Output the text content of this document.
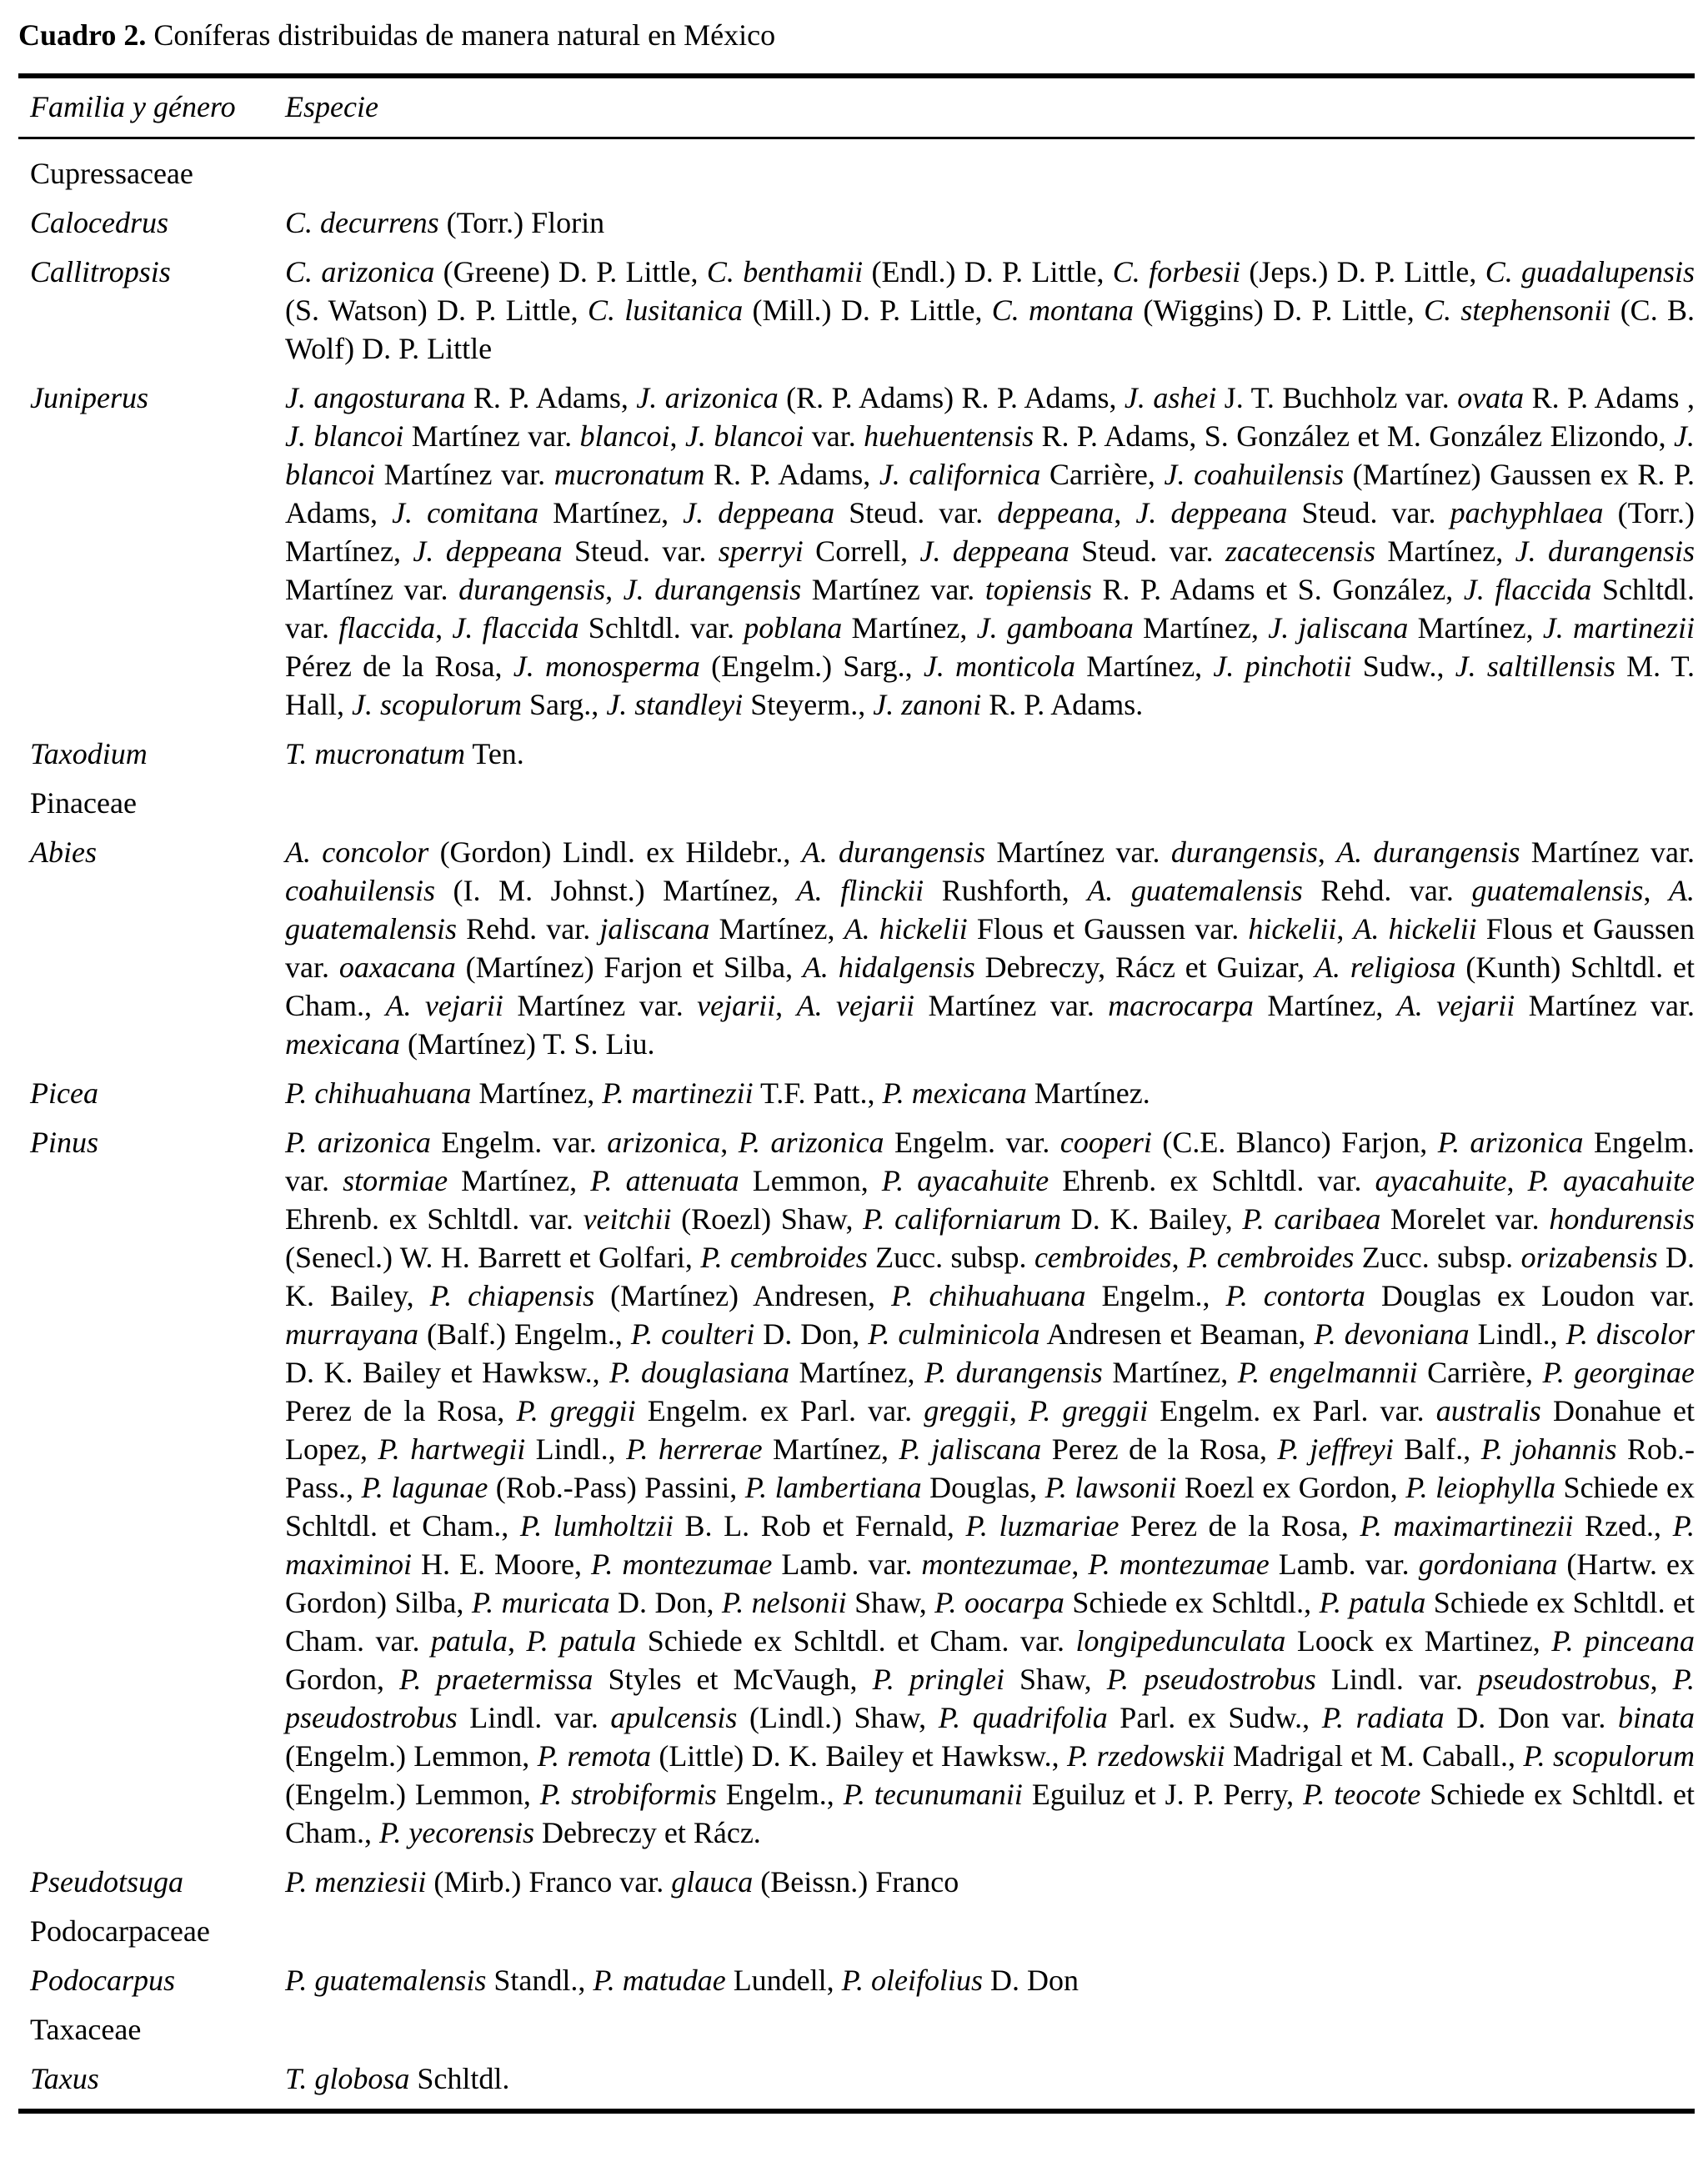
Cuadro 2. Coníferas distribuidas de manera natural en México

Familia y género	Especie
Cupressaceae
Calocedrus	C. decurrens (Torr.) Florin
Callitropsis	C. arizonica (Greene) D. P. Little, C. benthamii (Endl.) D. P. Little, C. forbesii (Jeps.) D. P. Little, C. guadalupensis (S. Watson) D. P. Little, C. lusitanica (Mill.) D. P. Little, C. montana (Wiggins) D. P. Little, C. stephensonii (C. B. Wolf) D. P. Little
Juniperus	J. angosturana R. P. Adams, J. arizonica (R. P. Adams) R. P. Adams, J. ashei J. T. Buchholz var. ovata R. P. Adams , J. blancoi Martínez var. blancoi, J. blancoi var. huehuentensis R. P. Adams, S. González et M. González Elizondo, J. blancoi Martínez var. mucronatum R. P. Adams, J. californica Carrière, J. coahuilensis (Martínez) Gaussen ex R. P. Adams, J. comitana Martínez, J. deppeana Steud. var. deppeana, J. deppeana Steud. var. pachyphlaea (Torr.) Martínez, J. deppeana Steud. var. sperryi Correll, J. deppeana Steud. var. zacatecensis Martínez, J. durangensis Martínez var. durangensis, J. durangensis Martínez var. topiensis R. P. Adams et S. González, J. flaccida Schltdl. var. flaccida, J. flaccida Schltdl. var. poblana Martínez, J. gamboana Martínez, J. jaliscana Martínez, J. martinezii Pérez de la Rosa, J. monosperma (Engelm.) Sarg., J. monticola Martínez, J. pinchotii Sudw., J. saltillensis M. T. Hall, J. scopulorum Sarg., J. standleyi Steyerm., J. zanoni R. P. Adams.
Taxodium	T. mucronatum Ten.
Pinaceae
Abies	A. concolor (Gordon) Lindl. ex Hildebr., A. durangensis Martínez var. durangensis, A. durangensis Martínez var. coahuilensis (I. M. Johnst.) Martínez, A. flinckii Rushforth, A. guatemalensis Rehd. var. guatemalensis, A. guatemalensis Rehd. var. jaliscana Martínez, A. hickelii Flous et Gaussen var. hickelii, A. hickelii Flous et Gaussen var. oaxacana (Martínez) Farjon et Silba, A. hidalgensis Debreczy, Rácz et Guizar, A. religiosa (Kunth) Schltdl. et Cham., A. vejarii Martínez var. vejarii, A. vejarii Martínez var. macrocarpa Martínez, A. vejarii Martínez var. mexicana (Martínez) T. S. Liu.
Picea	P. chihuahuana Martínez, P. martinezii T.F. Patt., P. mexicana Martínez.
Pinus	P. arizonica Engelm. var. arizonica, P. arizonica Engelm. var. cooperi (C.E. Blanco) Farjon, P. arizonica Engelm. var. stormiae Martínez, P. attenuata Lemmon, P. ayacahuite Ehrenb. ex Schltdl. var. ayacahuite, P. ayacahuite Ehrenb. ex Schltdl. var. veitchii (Roezl) Shaw, P. californiarum D. K. Bailey, P. caribaea Morelet var. hondurensis (Senecl.) W. H. Barrett et Golfari, P. cembroides Zucc. subsp. cembroides, P. cembroides Zucc. subsp. orizabensis D. K. Bailey, P. chiapensis (Martínez) Andresen, P. chihuahuana Engelm., P. contorta Douglas ex Loudon var. murrayana (Balf.) Engelm., P. coulteri D. Don, P. culminicola Andresen et Beaman, P. devoniana Lindl., P. discolor D. K. Bailey et Hawksw., P. douglasiana Martínez, P. durangensis Martínez, P. engelmannii Carrière, P. georginae Perez de la Rosa, P. greggii Engelm. ex Parl. var. greggii, P. greggii Engelm. ex Parl. var. australis Donahue et Lopez, P. hartwegii Lindl., P. herrerae Martínez, P. jaliscana Perez de la Rosa, P. jeffreyi Balf., P. johannis Rob.-Pass., P. lagunae (Rob.-Pass) Passini, P. lambertiana Douglas, P. lawsonii Roezl ex Gordon, P. leiophylla Schiede ex Schltdl. et Cham., P. lumholtzii B. L. Rob et Fernald, P. luzmariae Perez de la Rosa, P. maximartinezii Rzed., P. maximinoi H. E. Moore, P. montezumae Lamb. var. montezumae, P. montezumae Lamb. var. gordoniana (Hartw. ex Gordon) Silba, P. muricata D. Don, P. nelsonii Shaw, P. oocarpa Schiede ex Schltdl., P. patula Schiede ex Schltdl. et Cham. var. patula, P. patula Schiede ex Schltdl. et Cham. var. longipedunculata Loock ex Martinez, P. pinceana Gordon, P. praetermissa Styles et McVaugh, P. pringlei Shaw, P. pseudostrobus Lindl. var. pseudostrobus, P. pseudostrobus Lindl. var. apulcensis (Lindl.) Shaw, P. quadrifolia Parl. ex Sudw., P. radiata D. Don var. binata (Engelm.) Lemmon, P. remota (Little) D. K. Bailey et Hawksw., P. rzedowskii Madrigal et M. Caball., P. scopulorum (Engelm.) Lemmon, P. strobiformis Engelm., P. tecunumanii Eguiluz et J. P. Perry, P. teocote Schiede ex Schltdl. et Cham., P. yecorensis Debreczy et Rácz.
Pseudotsuga	P. menziesii (Mirb.) Franco var. glauca (Beissn.) Franco
Podocarpaceae
Podocarpus	P. guatemalensis Standl., P. matudae Lundell, P. oleifolius D. Don
Taxaceae
Taxus	T. globosa Schltdl.
